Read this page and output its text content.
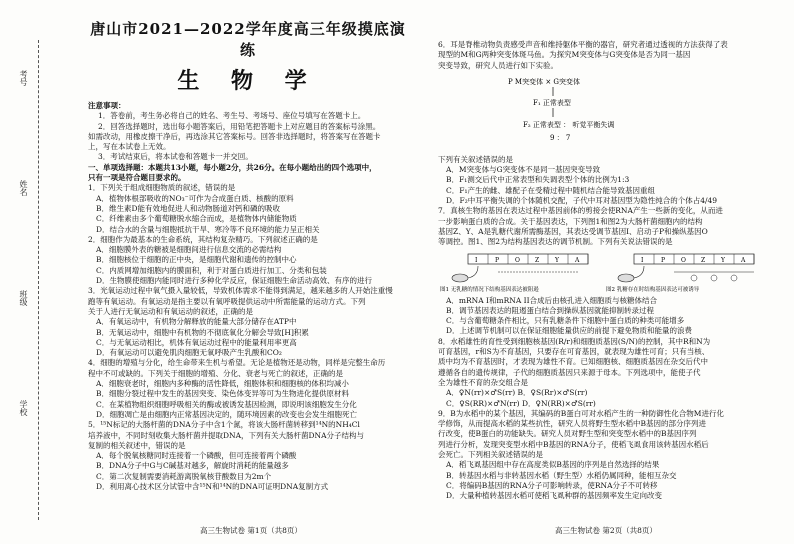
考号
姓名
班级
学校
唐山市2021—2022学年度高三年级摸底演练
生 物 学
注意事项：
1．答卷前，考生务必将自己的姓名、考生号、考场号、座位号填写在答题卡上。
2．回答选择题时，选出每小题答案后，用铅笔把答题卡上对应题目的答案标号涂黑。
如需改动，用橡皮擦干净后，再选涂其它答案标号。回答非选择题时，将答案写在答题卡
上，写在本试卷上无效。
3．考试结束后，将本试卷和答题卡一并交回。
一、单项选择题：本题共13小题，每小题2分，共26分。在每小题给出的四个选项中，
只有一项是符合题目要求的。
1．下列关于组成细胞物质的叙述，错误的是
A．植物体根部吸收的NO₃⁻可作为合成蛋白质、核酸的原料
B．维生素D能有效地促进人和动物肠道对钙和磷的吸收
C．纤维素由多个葡萄糖脱水缩合而成，是植物体内储能物质
D．结合水的含量与细胞抵抗干旱、寒冷等不良环境的能力呈正相关
2．细胞作为最基本的生命系统，其结构复杂精巧。下列叙述正确的是
A．细胞膜外表的糖被是细胞间进行信息交流的必需结构
B．细胞核位于细胞的正中央，是细胞代谢和遗传的控制中心
C．内质网增加细胞内的膜面积，利于对蛋白质进行加工、分类和包装
D．生物膜使细胞内能同时进行多种化学反应，保证细胞生命活动高效、有序的进行
3．光氧运动过程中氧气摄入量较低，导致机体需求不能得到满足，越来越多的人开始注重慢
跑等有氧运动。有氧运动是指主要以有氧呼吸提供运动中所需能量的运动方式。下列
关于人进行无氧运动和有氧运动的叙述，正确的是
A．有氧运动中，有机物分解释放的能量大部分储存在ATP中
B．无氧运动中，细胞中有机物的不彻底氧化分解会导致[H]积累
C．与无氧运动相比，机体有氧运动过程中的能量利用率更高
D．有氧运动可以避免肌肉细胞无氧呼吸产生乳酸和CO₂
4．细胞的增殖与分化，给生命带来生机与希望。无论是植物还是动物，同样是完整生命历
程中不可或缺的。下列关于细胞的增殖、分化、衰老与死亡的叙述，正确的是
A．细胞衰老时，细胞内多种酶的活性降低，细胞体积和细胞核的体积均减小
B．细胞分裂过程中发生的基因突变、染色体变异等可为生物进化提供原材料
C．在某植物组织细胞呼吸相关的酶或被诱发基因检测，即说明该细胞发生分化
D．细胞凋亡是由细胞内正常基因决定的，随环境因素的改变也会发生细胞死亡
5．¹⁵N标记的大肠杆菌的DNA分子中含1个氮，将该大肠杆菌转移到¹⁴N的NH₄Cl
培养液中，不同时刻收集大肠杆菌并提取DNA，下列有关大肠杆菌DNA分子结构与
复制的相关叙述中，错误的是
A．每个脱氧核糖同时连接着一个磷酸，但可连接着两个磷酸
B．DNA分子中G与C碱基对越多，解旋时消耗的能量越多
C．第二次复制需要消耗游离脱氧核苷酸数目为2m个
D．利用离心技术区分试管中含¹⁵N和¹⁴N的DNA可证明DNA复制方式
高三生物试卷 第1页（共8页）
6．耳是脊椎动物负责感受声音和维持躯体平衡的器官，研究者通过透视的方法获得了表
现型的M和G两种突变体斑马鱼。为探究M突变体与G突变体是否为同一基因
突变导致，研究人员进行如下实验。
P M突变体 × G突变体
F₁ 正常表型
F₂ 正常表型 ： 听觉平衡失调
9 ： 7
下列有关叙述错误的是
A．M突变体与G突变体不是同一基因突变导致
B．F₁测交后代中正常表型和失调表型个体的比例为1:3
C．F₁产生的雌、雄配子在受精过程中随机结合能导致基因重组
D．F₂中耳平衡失调的个体随机交配，子代中耳对基因型为隐性纯合的个体占4/49
7．真核生物的基因在表达过程中基因前体的剪接会使RNA产生一些新的变化，从而进
一步影响蛋白质的合成。关于基因表达，下列图1和图2为大肠杆菌细胞内的结构
基因Z、Y、A是乳糖代谢所需酶基因，其表达受调节基因I、启动子P和操纵基因O
等调控。图1、图2为结构基因表达的调节机制。下列有关说法错误的是
I	P	O	Z	Y	A
图1 无乳糖的情况下结构基因表达被阻遏
I	P	O	Z	Y	A
图2 乳糖存在时结构基因表达可被诱导
A．mRNA I和mRNA II合成后由核孔进入细胞质与核糖体结合
B．调节基因表达的阻遏蛋白结合到操纵基因就能抑制转录过程
C．与含葡萄糖条件相比，只有乳糖条件下细胞中蛋白质的种类可能增多
D．上述调节机制可以在保证细胞能量供应的前提下避免物质和能量的浪费
8．水稻雄性的育性受到细胞核基因(R/r)和细胞质基因(S/N)的控制，其中R和N为
可育基因，r和S为不育基因，只要存在可育基因，就表现为雄性可育；只有当核、
质中均为不育基因时，才表现为雄性不育。已知细胞核、细胞质基因在杂交后代中
遵循各自的遗传规律，子代的细胞质基因只来源于母本。下列选项中，能使子代
全为雄性不育的杂交组合是
A．♀N(rr)×♂S(rr) B．♀S(Rr)×♂S(rr)
C．♀S(RR)×♂N(rr) D．♀N(RR)×♂S(rr)
9．B为水稻中的某个基因，其编码的B蛋白可对水稻产生的一种防御性化合物M进行化
学修饰，从而提高水稻的某些抗性，研究人员将野生型水稻中B基因的部分序列进
行改变，使B蛋白的功能缺失。研究人员对野生型和突变型水稻中的B基因序列
列进行分析，发现突变型水稻中B基因的RNA分子，使稻飞虱食用该转基因水稻后
会死亡。下列相关叙述错误的是
A．稻飞虱基因组中存在高度类似B基因的序列是自然选择的结果
B．转基因水稻与非转基因水稻（野生型）水稻仍属同种，能相互杂交
C．将编码B基因的RNA分子可影响转录，使RNA分子不可转移
D．大量种植转基因水稻可使稻飞虱种群的基因频率发生定向改变
高三生物试卷 第2页（共8页）
